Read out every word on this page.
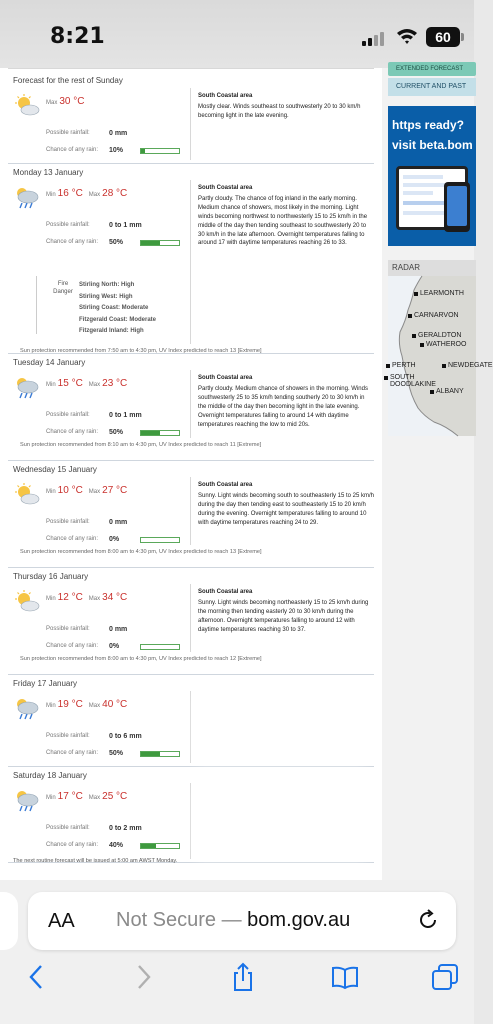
8:21	60
Forecast for the rest of Sunday
Max 30 °C
Possible rainfall:	0 mm
Chance of any rain: 10%
South Coastal area
Mostly clear. Winds southeast to southwesterly 20 to 30 km/h becoming light in the late evening.
Monday 13 January
Min 16 °C Max 28 °C
Possible rainfall:	0 to 1 mm
Chance of any rain: 50%
South Coastal area
Partly cloudy. The chance of fog inland in the early morning. Medium chance of showers, most likely in the morning. Light winds becoming northwest to northwesterly 15 to 25 km/h in the middle of the day then tending southeast to southwesterly 20 to 30 km/h in the late afternoon. Overnight temperatures falling to around 17 with daytime temperatures reaching 26 to 33.
Sun protection recommended from 7:50 am to 4:30 pm, UV Index predicted to reach 13 [Extreme]
Tuesday 14 January
Min 15 °C Max 23 °C
Possible rainfall:	0 to 1 mm
Chance of any rain: 50%
South Coastal area
Partly cloudy. Medium chance of showers in the morning. Winds southwesterly 25 to 35 km/h tending southerly 20 to 30 km/h in the middle of the day then becoming light in the late evening. Overnight temperatures falling to around 14 with daytime temperatures reaching the low to mid 20s.
Sun protection recommended from 8:10 am to 4:30 pm, UV Index predicted to reach 11 [Extreme]
Wednesday 15 January
Min 10 °C Max 27 °C
Possible rainfall:	0 mm
Chance of any rain: 0%
South Coastal area
Sunny. Light winds becoming south to southeasterly 15 to 25 km/h during the day then tending east to southeasterly 15 to 20 km/h during the evening. Overnight temperatures falling to around 10 with daytime temperatures reaching 24 to 29.
Sun protection recommended from 8:00 am to 4:30 pm, UV Index predicted to reach 13 [Extreme]
Thursday 16 January
Min 12 °C Max 34 °C
Possible rainfall:	0 mm
Chance of any rain: 0%
South Coastal area
Sunny. Light winds becoming northeasterly 15 to 25 km/h during the morning then tending easterly 20 to 30 km/h during the afternoon. Overnight temperatures falling to around 12 with daytime temperatures reaching 30 to 37.
Sun protection recommended from 8:00 am to 4:30 pm, UV Index predicted to reach 12 [Extreme]
Friday 17 January
Min 19 °C Max 40 °C
Possible rainfall:	0 to 6 mm
Chance of any rain: 50%
Saturday 18 January
Min 17 °C Max 25 °C
Possible rainfall:	0 to 2 mm
Chance of any rain: 40%
Fire Danger
Stirling North: High
Stirling West: High
Stirling Coast: Moderate
Fitzgerald Coast: Moderate
Fitzgerald Inland: High
EXTENDED FORECAST
CURRENT AND PAST
https ready?
visit beta.bom
RADAR
LEARMONTH
CARNARVON
GERALDTON
WATHEROO
PERTH	NEWDEGATE
SOUTH DOODLAKINE
ALBANY
The next routine forecast will be issued at 5:00 am AWST Monday.
AA Not Secure — bom.gov.au
